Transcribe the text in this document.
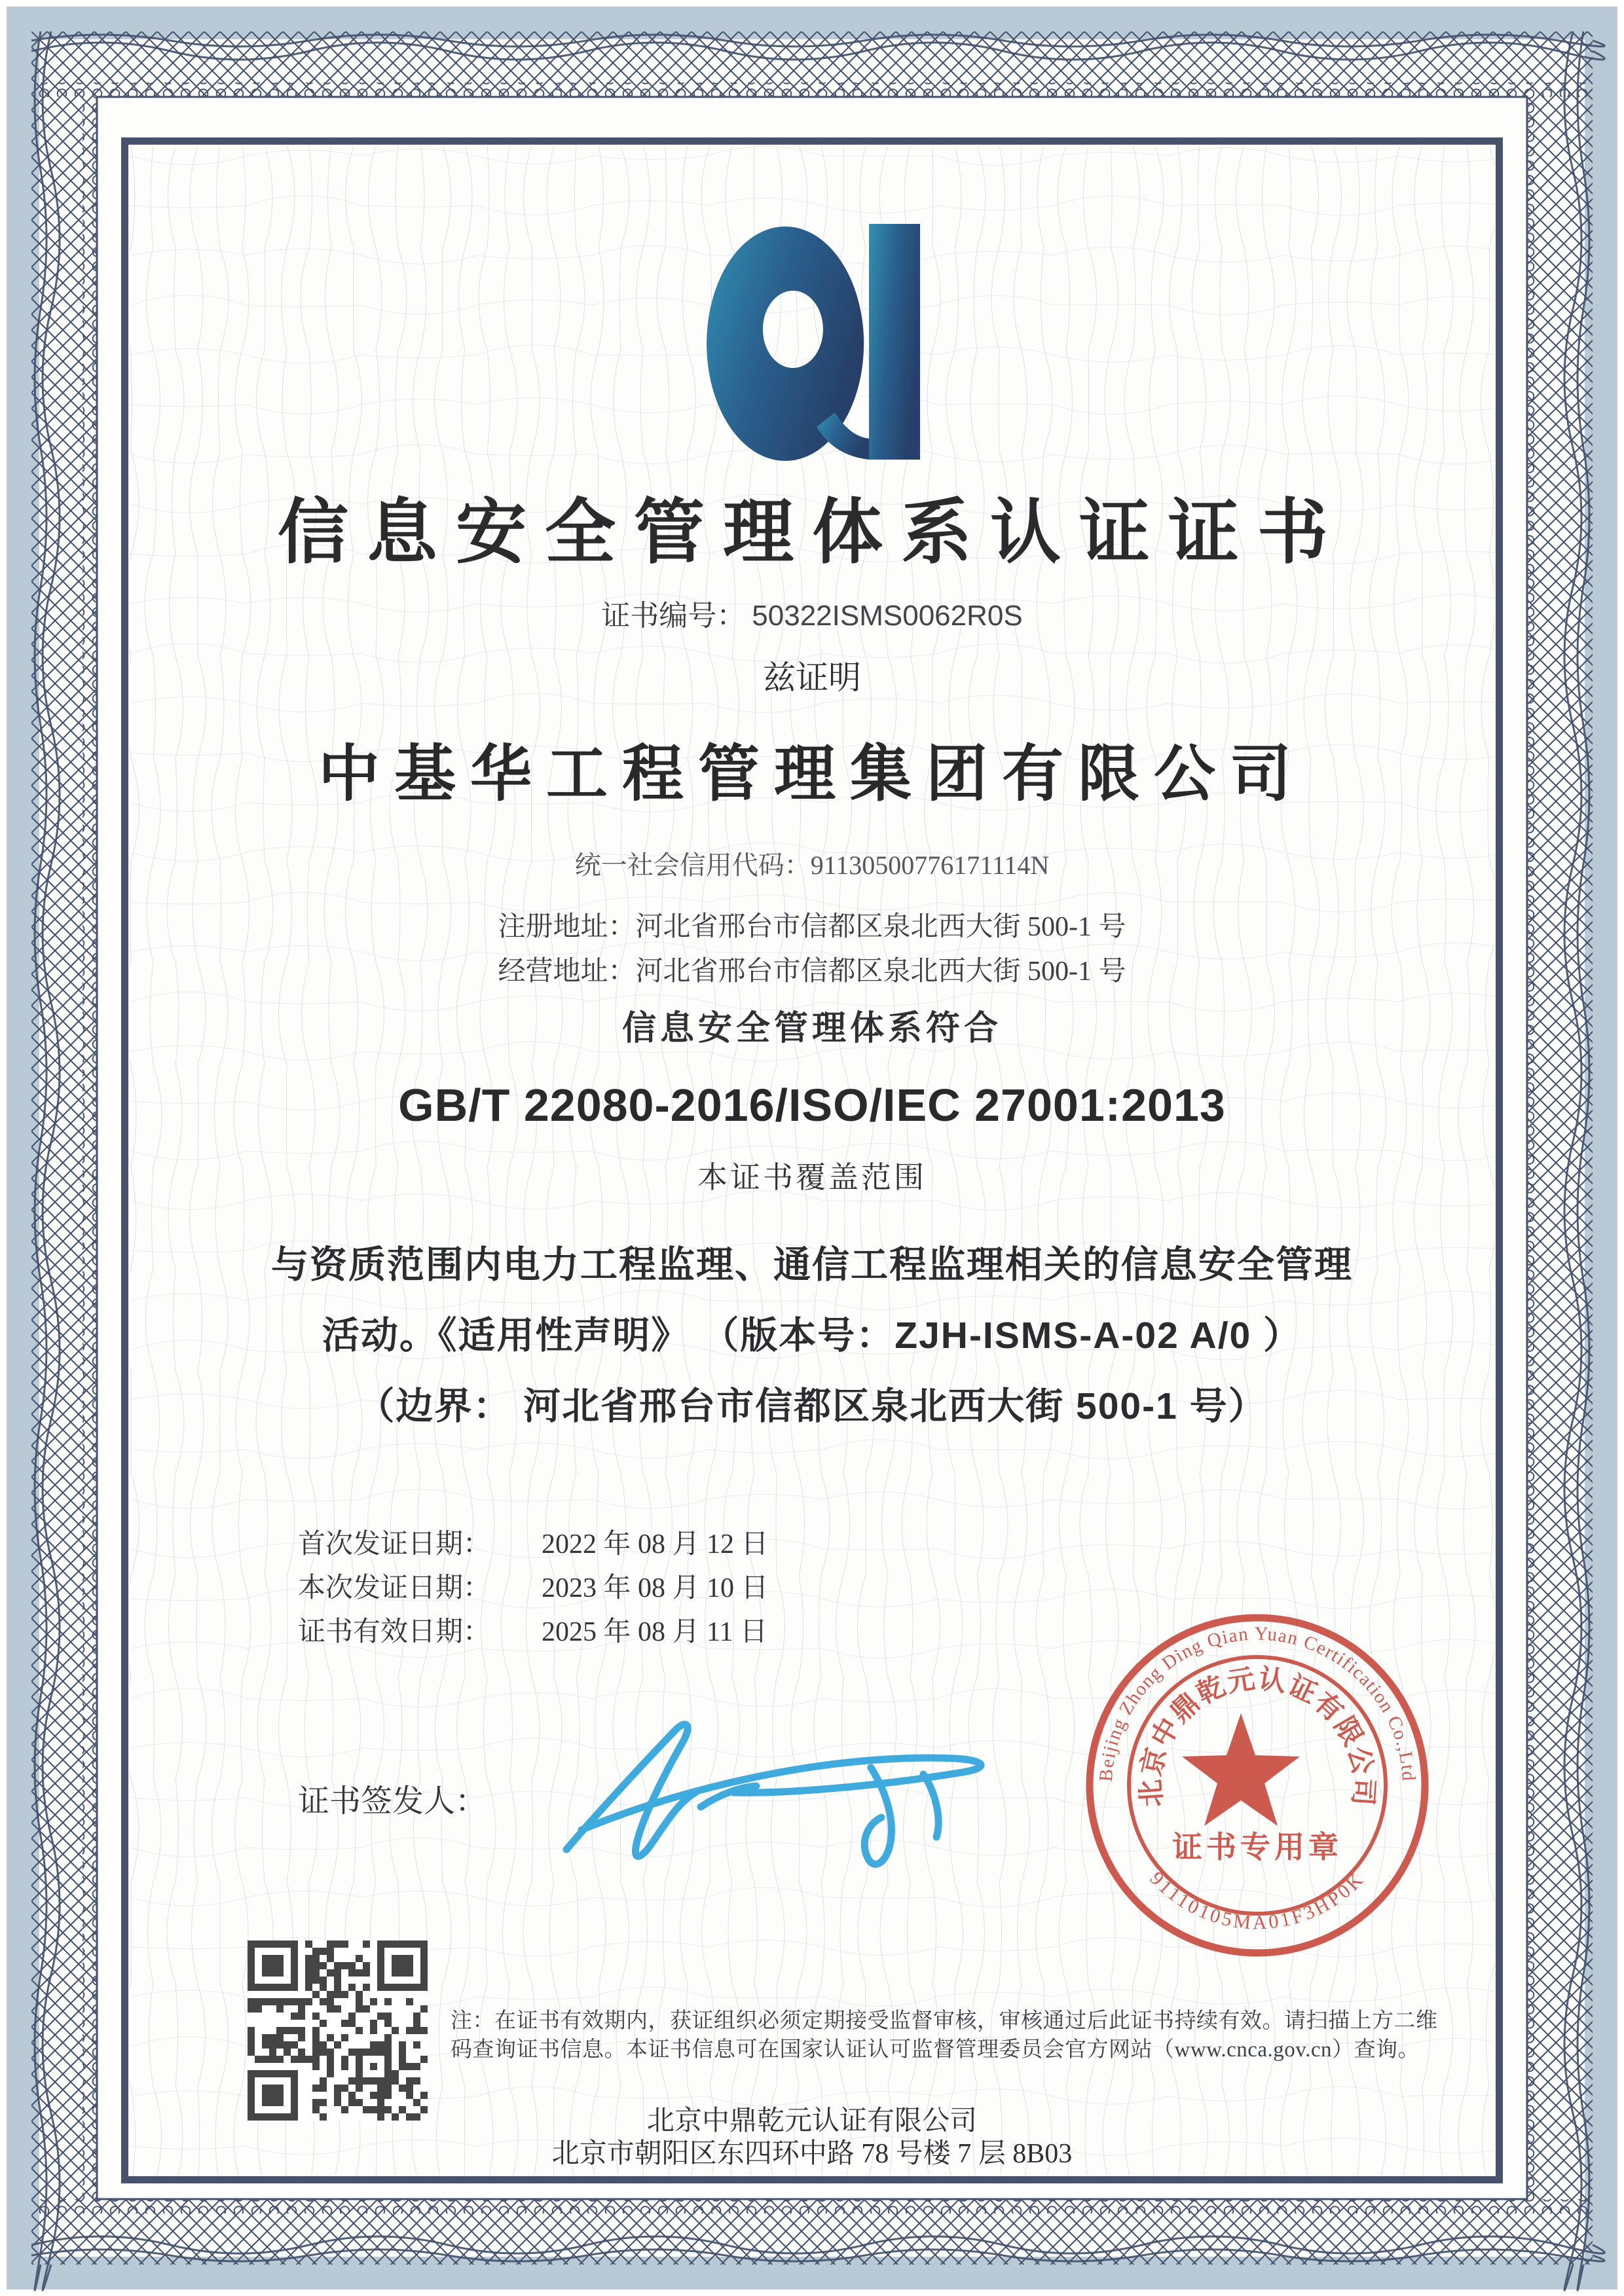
信息安全管理体系认证证书
证书编号： 50322ISMS0062R0S
兹证明
中基华工程管理集团有限公司
统一社会信用代码：91130500776171114N
注册地址：河北省邢台市信都区泉北西大街 500-1 号
经营地址：河北省邢台市信都区泉北西大街 500-1 号
信息安全管理体系符合
GB/T 22080-2016/ISO/IEC 27001:2013
本证书覆盖范围
与资质范围内电力工程监理、通信工程监理相关的信息安全管理
活动。《适用性声明》 （版本号：ZJH-ISMS-A-02 A/0 ）
（边界： 河北省邢台市信都区泉北西大街 500-1 号）
首次发证日期：	2022 年 08 月 12 日
本次发证日期：	2023 年 08 月 10 日
证书有效日期：	2025 年 08 月 11 日
证书签发人：
Beijing Zhong Ding Qian Yuan Certification Co.,Ltd
北京中鼎乾元认证有限公司
91110105MA01F3HP0K
证书专用章
注：在证书有效期内，获证组织必须定期接受监督审核，审核通过后此证书持续有效。请扫描上方二维
码查询证书信息。本证书信息可在国家认证认可监督管理委员会官方网站（www.cnca.gov.cn）查询。
北京中鼎乾元认证有限公司
北京市朝阳区东四环中路 78 号楼 7 层 8B03
